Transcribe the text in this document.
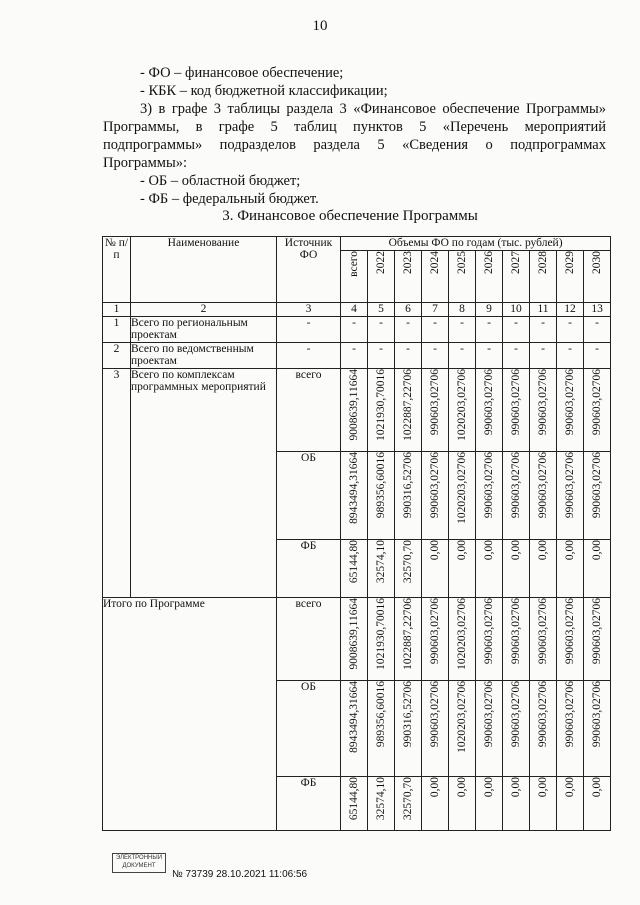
10
- ФО – финансовое обеспечение;
- КБК – код бюджетной классификации;
3) в графе 3 таблицы раздела 3 «Финансовое обеспечение Программы»
Программы, в графе 5 таблиц пунктов 5 «Перечень мероприятий
подпрограммы» подразделов раздела 5 «Сведения о подпрограммах
Программы»:
- ОБ – областной бюджет;
- ФБ – федеральный бюджет.
3. Финансовое обеспечение Программы
№ п/п	Наименование	Источник ФО	Объемы ФО по годам (тыс. рублей)									
			всего	2022	2023	2024	2025	2026	2027	2028	2029	2030
1	2	3	4	5	6	7	8	9	10	11	12	13
1	Всего по региональным проектам	-	-	-	-	-	-	-	-	-	-	-
2	Всего по ведомственным проектам	-	-	-	-	-	-	-	-	-	-	-
3	Всего по комплексам программных мероприятий	всего	9008639,11664	1021930,70016	1022887,22706	990603,02706	1020203,02706	990603,02706	990603,02706	990603,02706	990603,02706	990603,02706
		ОБ	8943494,31664	989356,60016	990316,52706	990603,02706	1020203,02706	990603,02706	990603,02706	990603,02706	990603,02706	990603,02706
		ФБ	65144,80	32574,10	32570,70	0,00	0,00	0,00	0,00	0,00	0,00	0,00
Итого по Программе		всего	9008639,11664	1021930,70016	1022887,22706	990603,02706	1020203,02706	990603,02706	990603,02706	990603,02706	990603,02706	990603,02706
		ОБ	8943494,31664	989356,60016	990316,52706	990603,02706	1020203,02706	990603,02706	990603,02706	990603,02706	990603,02706	990603,02706
		ФБ	65144,80	32574,10	32570,70	0,00	0,00	0,00	0,00	0,00	0,00	0,00
ЭЛЕКТРОННЫЙ ДОКУМЕНТ
№ 73739 28.10.2021 11:06:56
